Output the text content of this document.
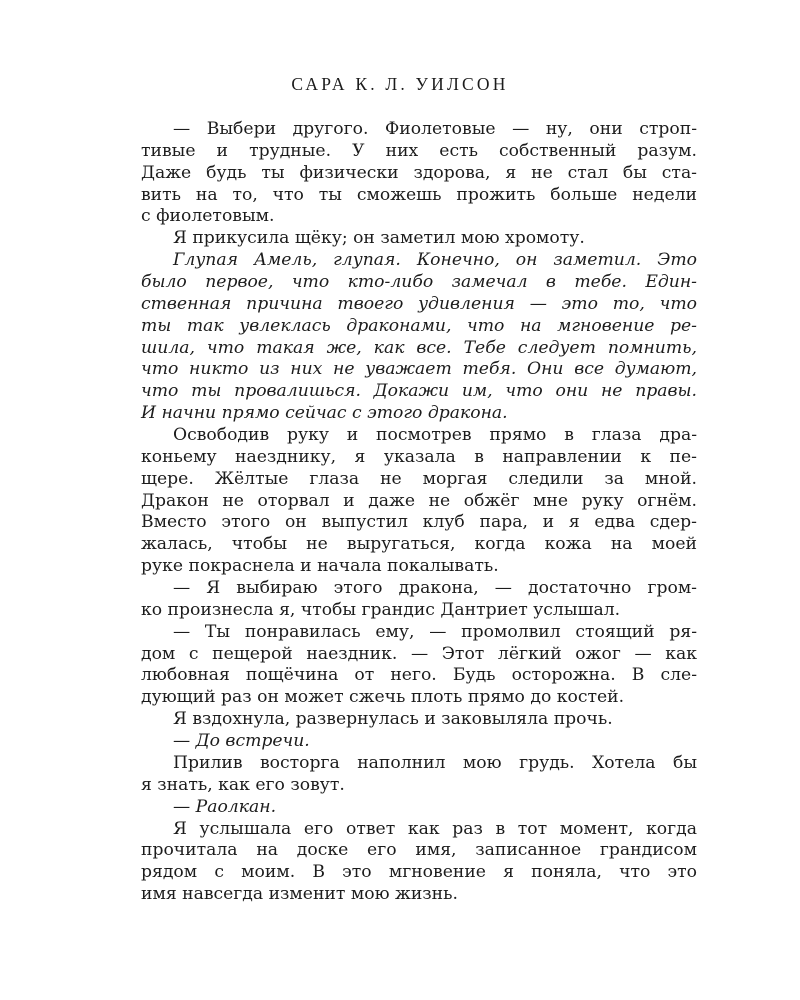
САРА К. Л. УИЛСОН
— Выбери другого. Фиолетовые — ну, они строп-
тивые и трудные. У них есть собственный разум.
Даже будь ты физически здорова, я не стал бы ста-
вить на то, что ты сможешь прожить больше недели
с фиолетовым.
Я прикусила щёку; он заметил мою хромоту.
Глупая Амель, глупая. Конечно, он заметил. Это
было первое, что кто-либо замечал в тебе. Един-
ственная причина твоего удивления — это то, что
ты так увлеклась драконами, что на мгновение ре-
шила, что такая же, как все. Тебе следует помнить,
что никто из них не уважает тебя. Они все думают,
что ты провалишься. Докажи им, что они не правы.
И начни прямо сейчас с этого дракона.
Освободив руку и посмотрев прямо в глаза дра-
коньему наезднику, я указала в направлении к пе-
щере. Жёлтые глаза не моргая следили за мной.
Дракон не оторвал и даже не обжёг мне руку огнём.
Вместо этого он выпустил клуб пара, и я едва сдер-
жалась, чтобы не выругаться, когда кожа на моей
руке покраснела и начала покалывать.
— Я выбираю этого дракона, — достаточно гром-
ко произнесла я, чтобы грандис Дантриет услышал.
— Ты понравилась ему, — промолвил стоящий ря-
дом с пещерой наездник. — Этот лёгкий ожог — как
любовная пощёчина от него. Будь осторожна. В сле-
дующий раз он может сжечь плоть прямо до костей.
Я вздохнула, развернулась и заковыляла прочь.
— До встречи.
Прилив восторга наполнил мою грудь. Хотела бы
я знать, как его зовут.
— Раолкан.
Я услышала его ответ как раз в тот момент, когда
прочитала на доске его имя, записанное грандисом
рядом с моим. В это мгновение я поняла, что это
имя навсегда изменит мою жизнь.
